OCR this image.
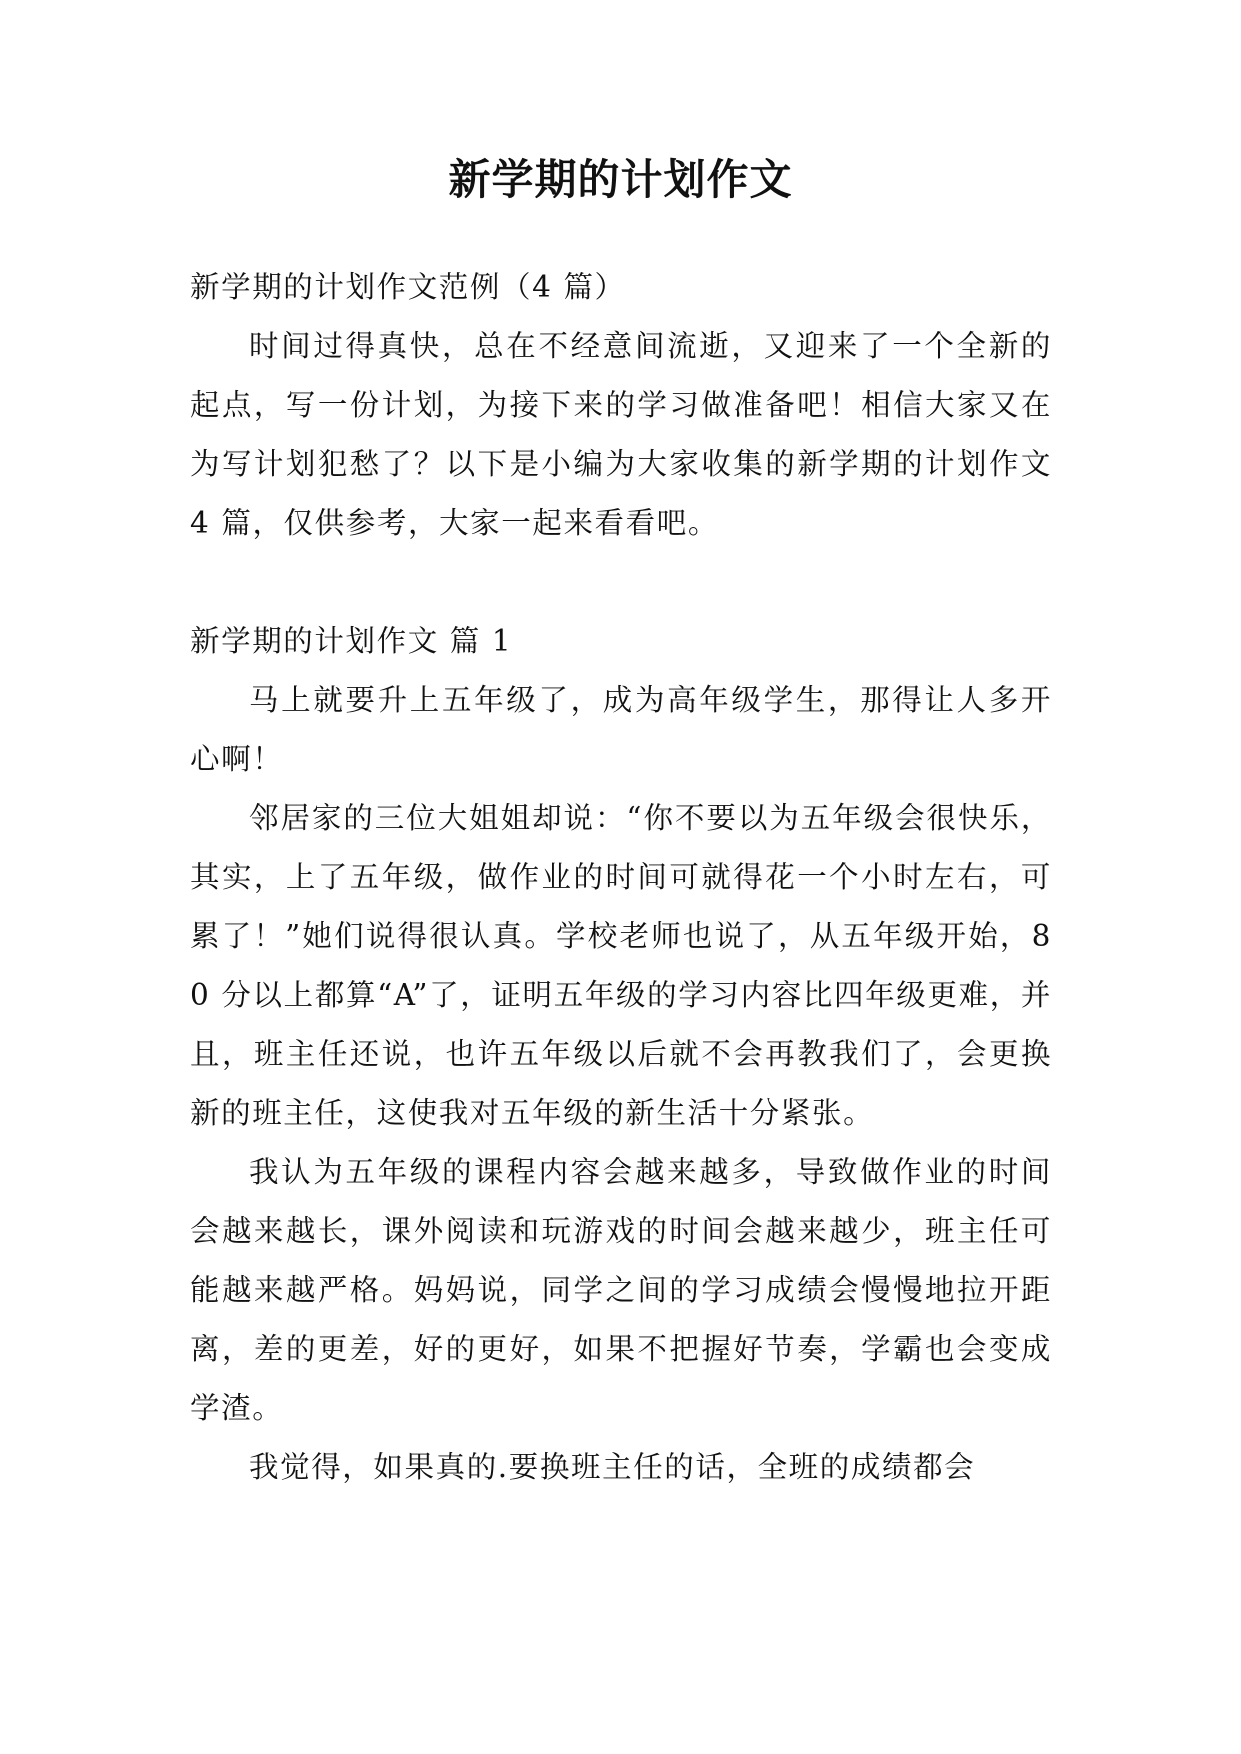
新学期的计划作文

新学期的计划作文范例（4 篇）

时间过得真快，总在不经意间流逝，又迎来了一个全新的起点，写一份计划，为接下来的学习做准备吧！相信大家又在为写计划犯愁了？以下是小编为大家收集的新学期的计划作文 4 篇，仅供参考，大家一起来看看吧。

新学期的计划作文 篇 1

马上就要升上五年级了，成为高年级学生，那得让人多开心啊！

邻居家的三位大姐姐却说：“你不要以为五年级会很快乐，其实，上了五年级，做作业的时间可就得花一个小时左右，可累了！”她们说得很认真。学校老师也说了，从五年级开始，80 分以上都算“A”了，证明五年级的学习内容比四年级更难，并且，班主任还说，也许五年级以后就不会再教我们了，会更换新的班主任，这使我对五年级的新生活十分紧张。

我认为五年级的课程内容会越来越多，导致做作业的时间会越来越长，课外阅读和玩游戏的时间会越来越少，班主任可能越来越严格。妈妈说，同学之间的学习成绩会慢慢地拉开距离，差的更差，好的更好，如果不把握好节奏，学霸也会变成学渣。

我觉得，如果真的.要换班主任的话，全班的成绩都会
